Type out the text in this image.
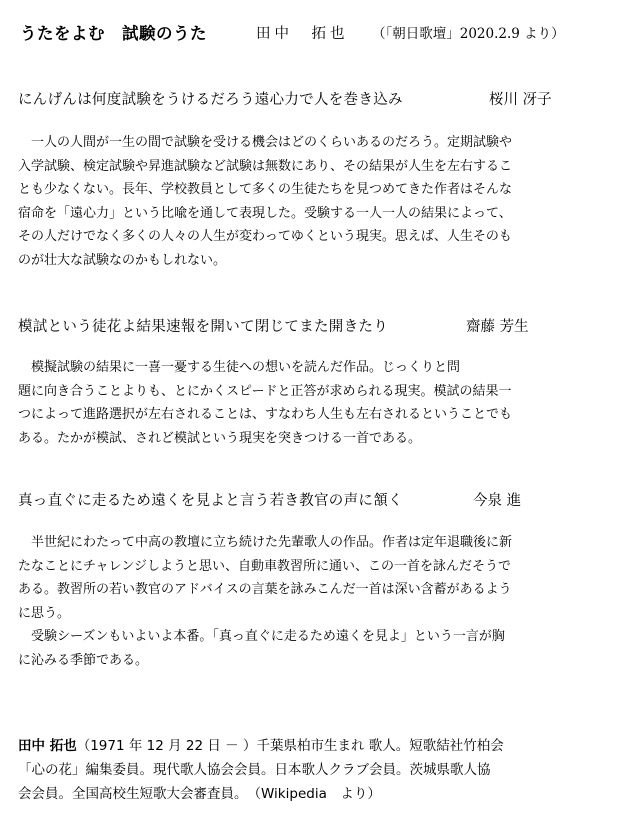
うたをよむ　試験のうた	田中　拓也 （「朝日歌壇」2020.2.9 より）
にんげんは何度試験をうけるだろう遠心力で人を巻き込み	桜川 冴子
　一人の人間が一生の間で試験を受ける機会はどのくらいあるのだろう。定期試験や
入学試験、検定試験や昇進試験など試験は無数にあり、その結果が人生を左右するこ
とも少なくない。長年、学校教員として多くの生徒たちを見つめてきた作者はそんな
宿命を「遠心力」という比喩を通して表現した。受験する一人一人の結果によって、
その人だけでなく多くの人々の人生が変わってゆくという現実。思えば、人生そのも
のが壮大な試験なのかもしれない。
模試という徒花よ結果速報を開いて閉じてまた開きたり	齋藤 芳生
　模擬試験の結果に一喜一憂する生徒への想いを読んだ作品。じっくりと問
題に向き合うことよりも、とにかくスピードと正答が求められる現実。模試の結果一
つによって進路選択が左右されることは、すなわち人生も左右されるということでも
ある。たかが模試、されど模試という現実を突きつける一首である。
真っ直ぐに走るため遠くを見よと言う若き教官の声に頷く	今泉 進
　半世紀にわたって中高の教壇に立ち続けた先輩歌人の作品。作者は定年退職後に新
たなことにチャレンジしようと思い、自動車教習所に通い、この一首を詠んだそうで
ある。教習所の若い教官のアドバイスの言葉を詠みこんだ一首は深い含蓄があるよう
に思う。
　受験シーズンもいよいよ本番。「真っ直ぐに走るため遠くを見よ」という一言が胸
に沁みる季節である。
田中 拓也（1971 年 12 月 22 日 － ）千葉県柏市生まれ 歌人。短歌結社竹柏会
「心の花」編集委員。現代歌人協会会員。日本歌人クラブ会員。茨城県歌人協
会会員。全国高校生短歌大会審査員。　（Wikipedia　より）
